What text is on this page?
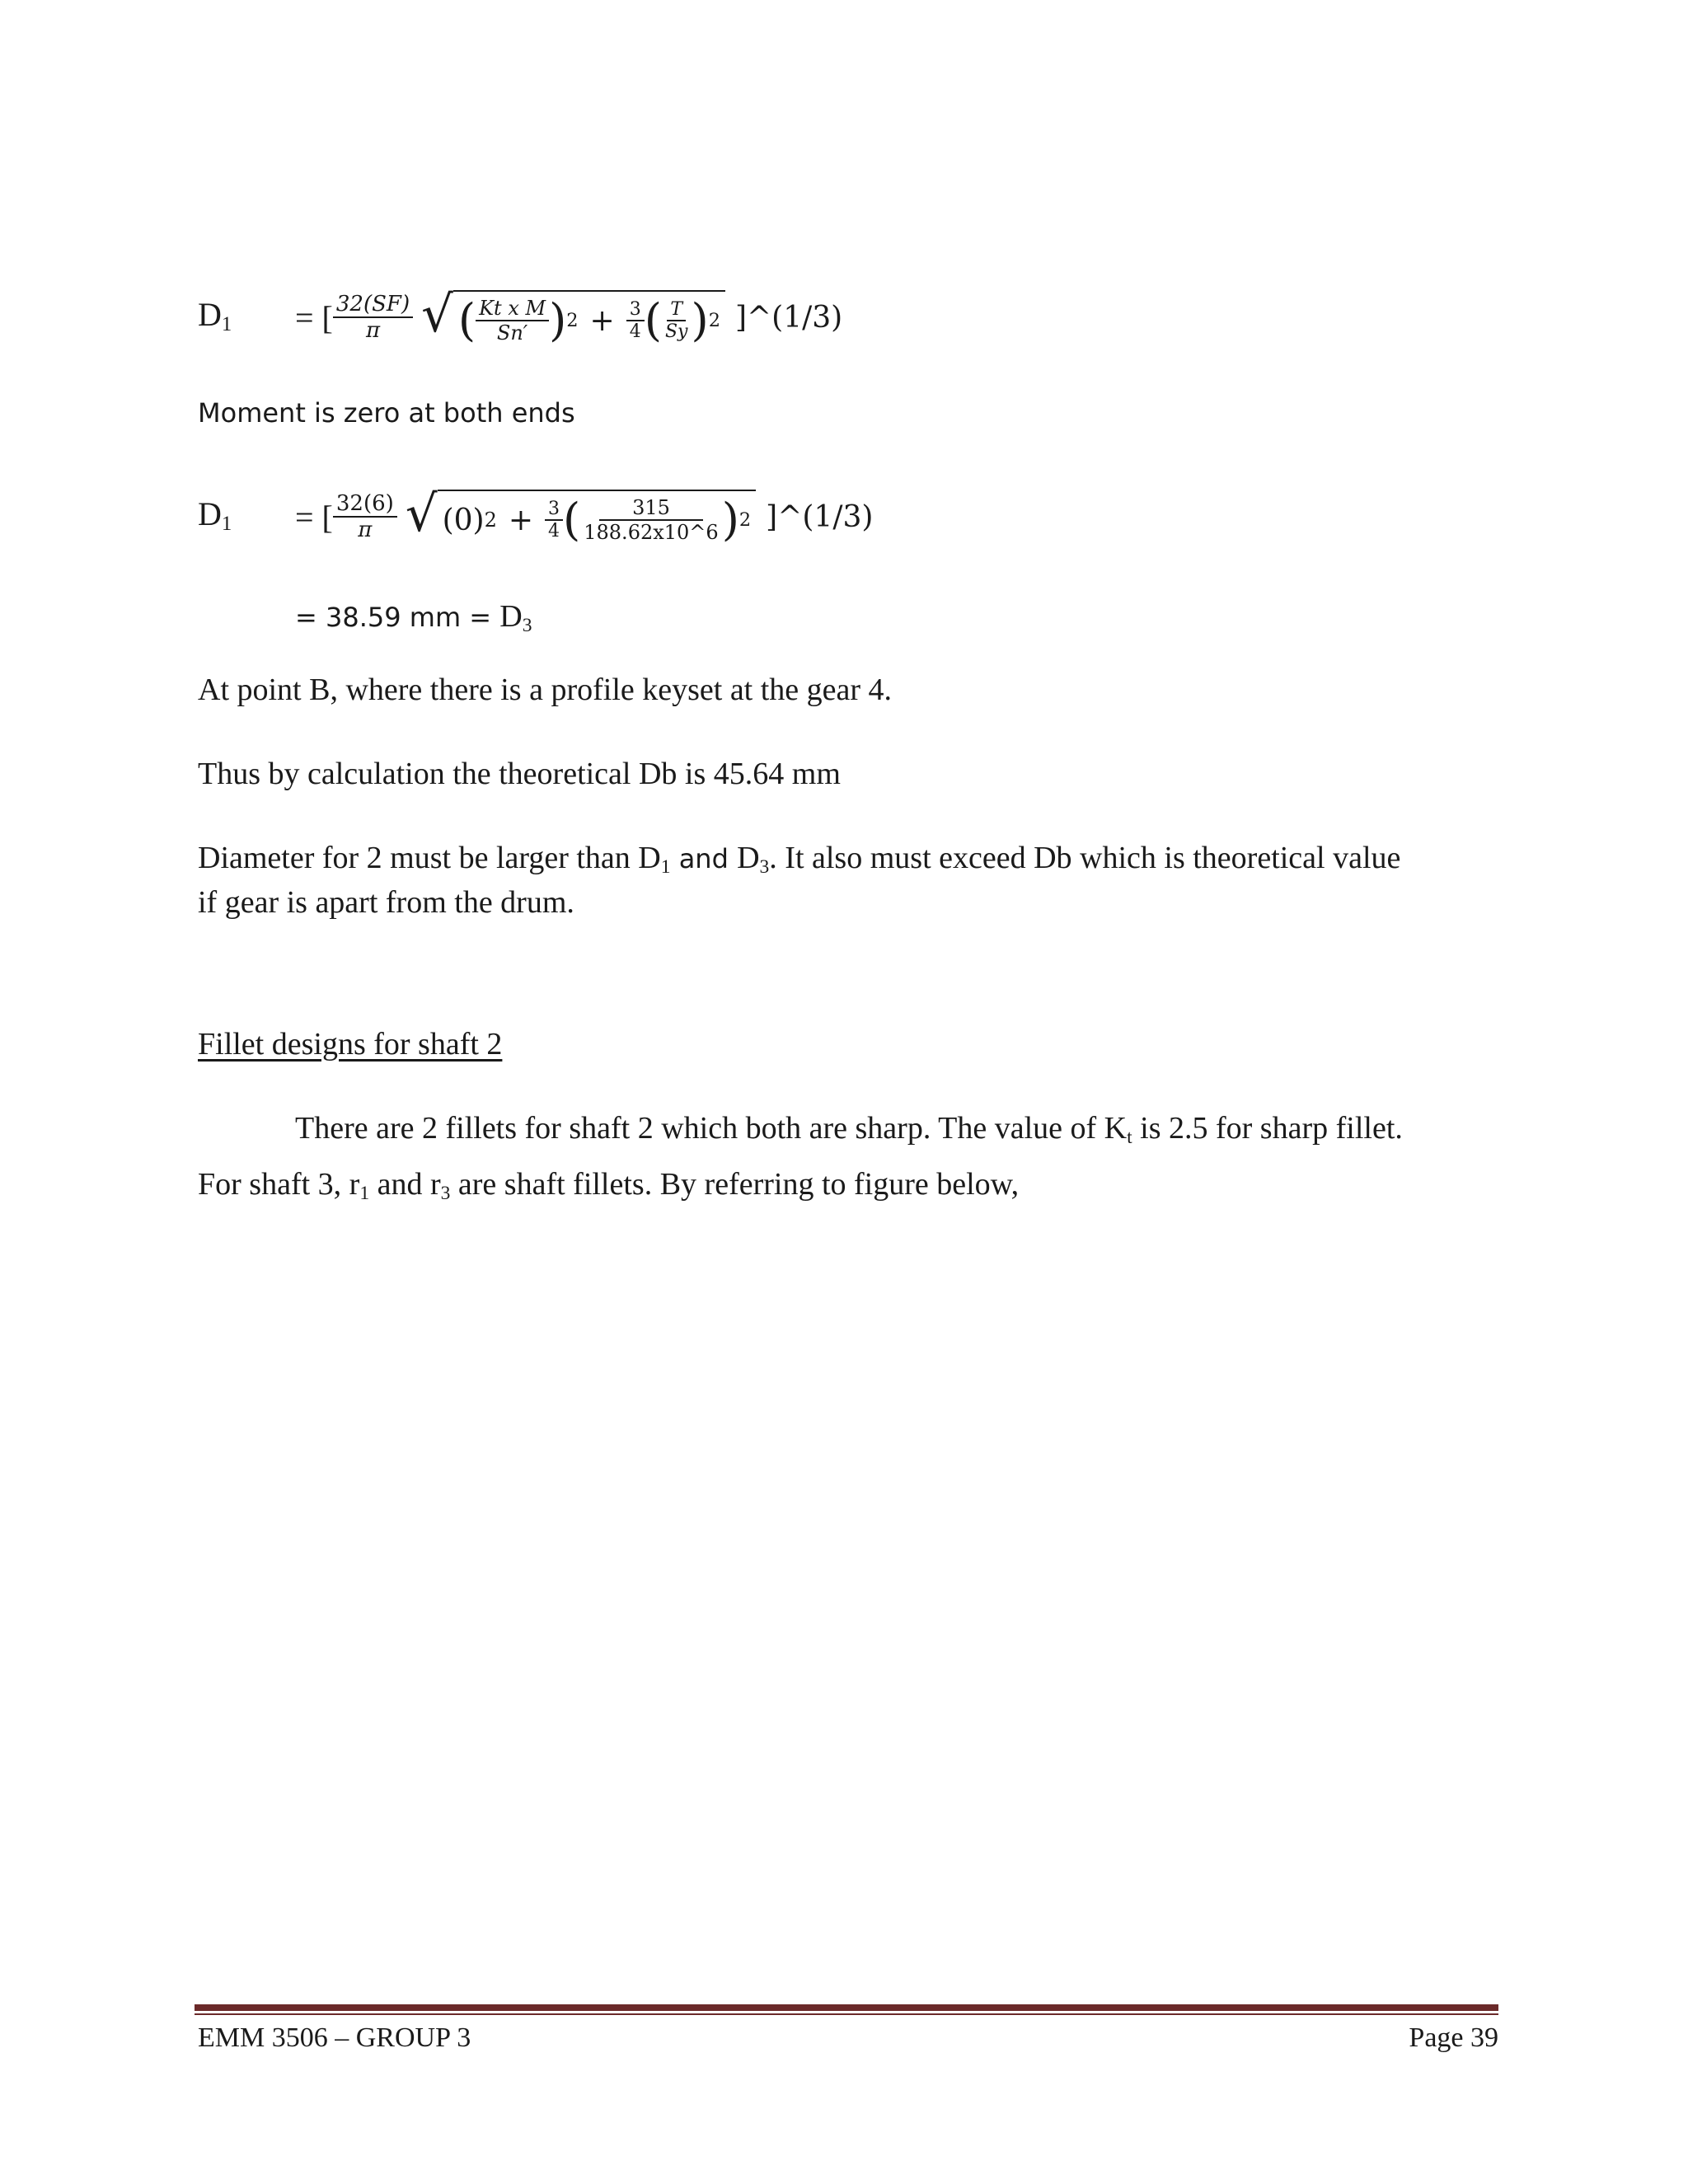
$D_1$ = [ $\frac{32(SF)}{\pi}$ √ ( $\frac{\text{Kt x M}}{Sn'}$ ) $2 + \frac{3}{4}$ ( $\frac{T}{Sy}$ ) 2 ]^(1/3)
Moment is zero at both ends
$D_1$ = [ $\frac{32(6)}{\pi}$ √ (0) $2 + \frac{3}{4}$ ( $\frac{315}{188.62x10\^{}6}$ ) 2 ]^(1/3)
= 38.59 mm = $D_3$
At point B, where there is a profile keyset at the gear 4.
Thus by calculation the theoretical Db is 45.64 mm
Diameter for 2 must be larger than $D_1$ and $D_3$. It also must exceed Db which is theoretical value
if gear is apart from the drum.
Fillet designs for shaft 2
There are 2 fillets for shaft 2 which both are sharp. The value of $K_t$ is 2.5 for sharp fillet.
For shaft 3, $r_1$ and $r_3$ are shaft fillets. By referring to figure below,
EMM 3506 – GROUP 3	Page 39
